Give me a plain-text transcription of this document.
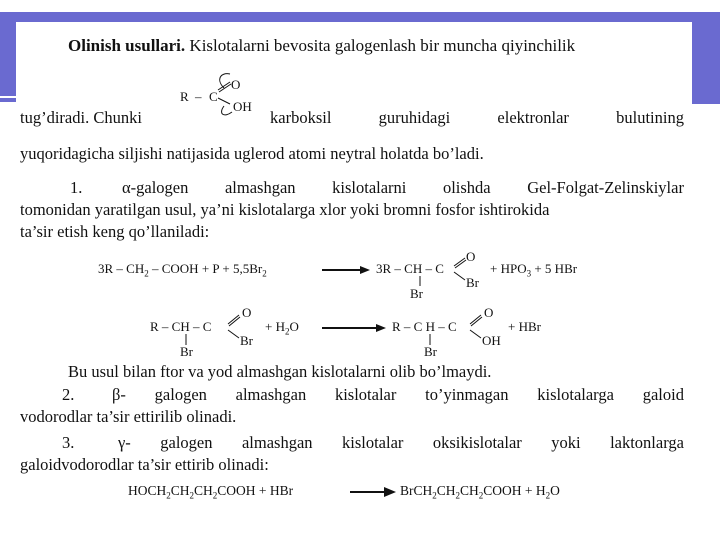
Olinish usullari. Kislotalarni bevosita galogenlash bir muncha qiyinchilik
R – C
O
OH
tug’diradi. Chunki	karboksil	guruhidagi	elektronlar	bulutining
yuqoridagicha siljishi natijasida uglerod atomi neytral holatda bo’ladi.
1. α-galogen almashgan kislotalarni olishda Gel-Folgat-Zelinskiylar
tomonidan yaratilgan usul, ya’ni kislotalarga xlor yoki bromni fosfor ishtirokida
ta’sir etish keng qo’llaniladi:
$3R - CH_2$ – COOH + $P + 5,5Br_2$	3R – CH – C
O
Br
Br
+ $HPO_3 + 5$ HBr
R – CH – C
O
Br
Br
+ $H_2O$	R – C H – C
O
Br
OH
+ HBr
Bu usul bilan ftor va yod almashgan kislotalarni olib bo’lmaydi.
2. β- galogen almashgan kislotalar to’yinmagan kislotalarga galoid
vodorodlar ta’sir ettirilib olinadi.
3.	γ- galogen almashgan kislotalar oksikislotalar yoki laktonlarga
galoidvodorodlar ta’sir ettirib olinadi:
$HOCH_2CH_2CH_2COOH$ + HBr	$BrCH_2CH_2CH_2COOH + H_2O$
